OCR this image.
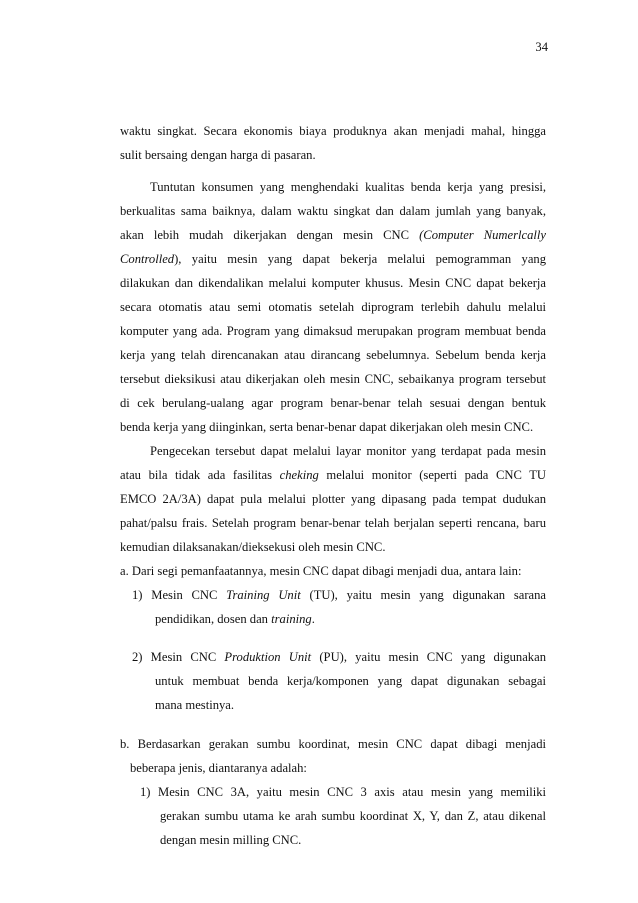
34
waktu singkat. Secara ekonomis biaya produknya akan menjadi mahal, hingga
sulit bersaing dengan harga di pasaran.
Tuntutan konsumen yang menghendaki kualitas benda kerja yang presisi,
berkualitas sama baiknya, dalam waktu singkat dan dalam jumlah yang banyak,
akan lebih mudah dikerjakan dengan mesin CNC (Computer Numerlcally
Controlled), yaitu mesin yang dapat bekerja melalui pemogramman yang
dilakukan dan dikendalikan melalui komputer khusus. Mesin CNC dapat bekerja
secara otomatis atau semi otomatis setelah diprogram terlebih dahulu melalui
komputer yang ada. Program yang dimaksud merupakan program membuat benda
kerja yang telah direncanakan atau dirancang sebelumnya. Sebelum benda kerja
tersebut dieksikusi atau dikerjakan oleh mesin CNC, sebaikanya program tersebut
di cek berulang-ualang agar program benar-benar telah sesuai dengan bentuk
benda kerja yang diinginkan, serta benar-benar dapat dikerjakan oleh mesin CNC.
Pengecekan tersebut dapat melalui layar monitor yang terdapat pada mesin
atau bila tidak ada fasilitas cheking melalui monitor (seperti pada CNC TU
EMCO 2A/3A) dapat pula melalui plotter yang dipasang pada tempat dudukan
pahat/palsu frais. Setelah program benar-benar telah berjalan seperti rencana, baru
kemudian dilaksanakan/dieksekusi oleh mesin CNC.
a. Dari segi pemanfaatannya, mesin CNC dapat dibagi menjadi dua, antara lain:
1) Mesin CNC Training Unit (TU), yaitu mesin yang digunakan sarana
pendidikan, dosen dan training.
2) Mesin CNC Produktion Unit (PU), yaitu mesin CNC yang digunakan
untuk membuat benda kerja/komponen yang dapat digunakan sebagai
mana mestinya.
b. Berdasarkan gerakan sumbu koordinat, mesin CNC dapat dibagi menjadi
beberapa jenis, diantaranya adalah:
1) Mesin CNC 3A, yaitu mesin CNC 3 axis atau mesin yang memiliki
gerakan sumbu utama ke arah sumbu koordinat X, Y, dan Z, atau dikenal
dengan mesin milling CNC.
